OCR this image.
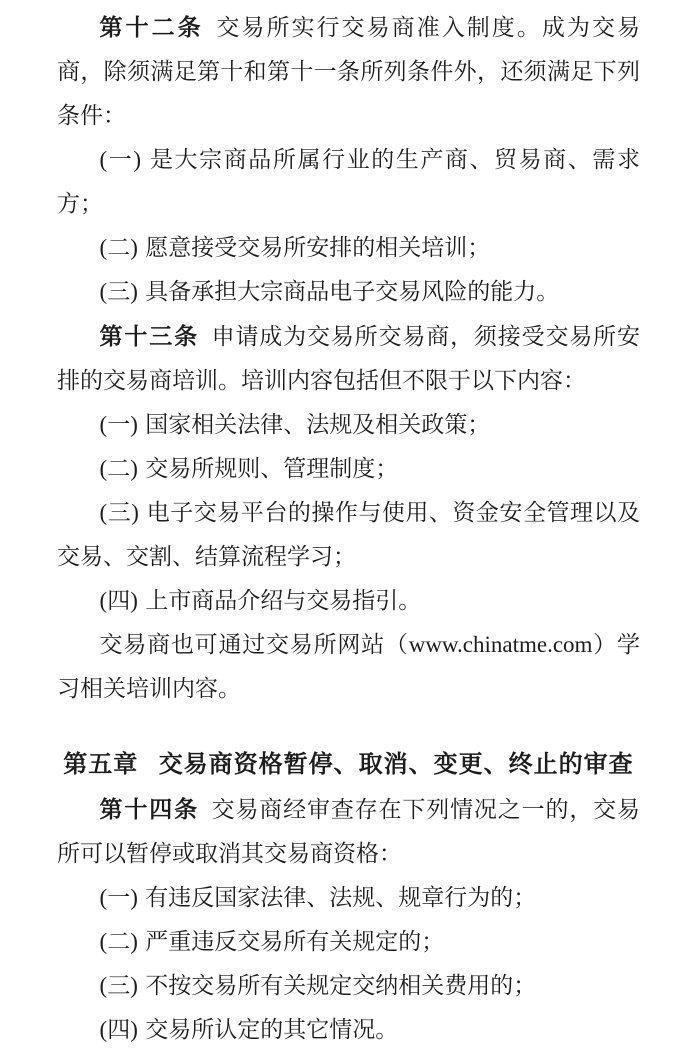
第十二条 交易所实行交易商准入制度。成为交易商，除须满足第十和第十一条所列条件外，还须满足下列条件：

(一) 是大宗商品所属行业的生产商、贸易商、需求方；

(二) 愿意接受交易所安排的相关培训；

(三) 具备承担大宗商品电子交易风险的能力。

第十三条 申请成为交易所交易商，须接受交易所安排的交易商培训。培训内容包括但不限于以下内容：

(一) 国家相关法律、法规及相关政策；

(二) 交易所规则、管理制度；

(三) 电子交易平台的操作与使用、资金安全管理以及交易、交割、结算流程学习；

(四) 上市商品介绍与交易指引。

交易商也可通过交易所网站（www.chinatme.com）学习相关培训内容。

第五章 交易商资格暂停、取消、变更、终止的审查

第十四条 交易商经审查存在下列情况之一的，交易所可以暂停或取消其交易商资格：

(一) 有违反国家法律、法规、规章行为的；

(二) 严重违反交易所有关规定的；

(三) 不按交易所有关规定交纳相关费用的；

(四) 交易所认定的其它情况。
